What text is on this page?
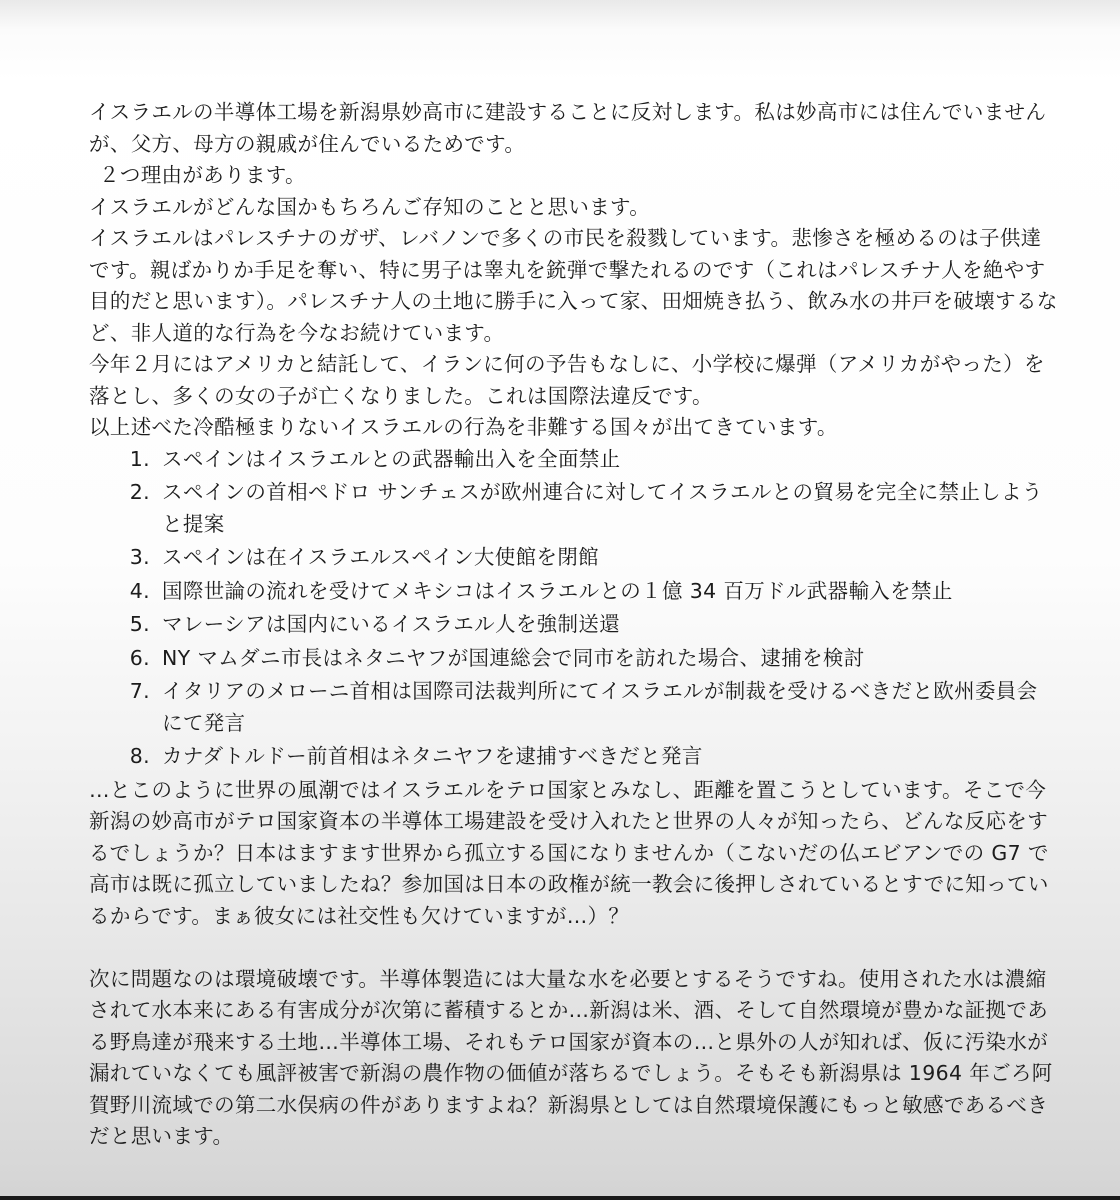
イスラエルの半導体工場を新潟県妙高市に建設することに反対します。私は妙高市には住んでいませんが、父方、母方の親戚が住んでいるためです。

２つ理由があります。

イスラエルがどんな国かもちろんご存知のことと思います。

イスラエルはパレスチナのガザ、レバノンで多くの市民を殺戮しています。悲惨さを極めるのは子供達です。親ばかりか手足を奪い、特に男子は睾丸を銃弾で撃たれるのです（これはパレスチナ人を絶やす目的だと思います）。パレスチナ人の土地に勝手に入って家、田畑焼き払う、飲み水の井戸を破壊するなど、非人道的な行為を今なお続けています。

今年２月にはアメリカと結託して、イランに何の予告もなしに、小学校に爆弾（アメリカがやった）を落とし、多くの女の子が亡くなりました。これは国際法違反です。

以上述べた冷酷極まりないイスラエルの行為を非難する国々が出てきています。

1. スペインはイスラエルとの武器輸出入を全面禁止
2. スペインの首相ペドロ サンチェスが欧州連合に対してイスラエルとの貿易を完全に禁止しようと提案
3. スペインは在イスラエルスペイン大使館を閉館
4. 国際世論の流れを受けてメキシコはイスラエルとの１億 34 百万ドル武器輸入を禁止
5. マレーシアは国内にいるイスラエル人を強制送還
6. NY マムダニ市長はネタニヤフが国連総会で同市を訪れた場合、逮捕を検討
7. イタリアのメローニ首相は国際司法裁判所にてイスラエルが制裁を受けるべきだと欧州委員会にて発言
8. カナダトルドー前首相はネタニヤフを逮捕すべきだと発言

…とこのように世界の風潮ではイスラエルをテロ国家とみなし、距離を置こうとしています。そこで今新潟の妙高市がテロ国家資本の半導体工場建設を受け入れたと世界の人々が知ったら、どんな反応をするでしょうか？日本はますます世界から孤立する国になりませんか（こないだの仏エビアンでの G7 で高市は既に孤立していましたね？参加国は日本の政権が統一教会に後押しされているとすでに知っているからです。まぁ彼女には社交性も欠けていますが…）？

次に問題なのは環境破壊です。半導体製造には大量な水を必要とするそうですね。使用された水は濃縮されて水本来にある有害成分が次第に蓄積するとか…新潟は米、酒、そして自然環境が豊かな証拠である野鳥達が飛来する土地…半導体工場、それもテロ国家が資本の…と県外の人が知れば、仮に汚染水が漏れていなくても風評被害で新潟の農作物の価値が落ちるでしょう。そもそも新潟県は 1964 年ごろ阿賀野川流域での第二水俣病の件がありますよね？新潟県としては自然環境保護にもっと敏感であるべきだと思います。
